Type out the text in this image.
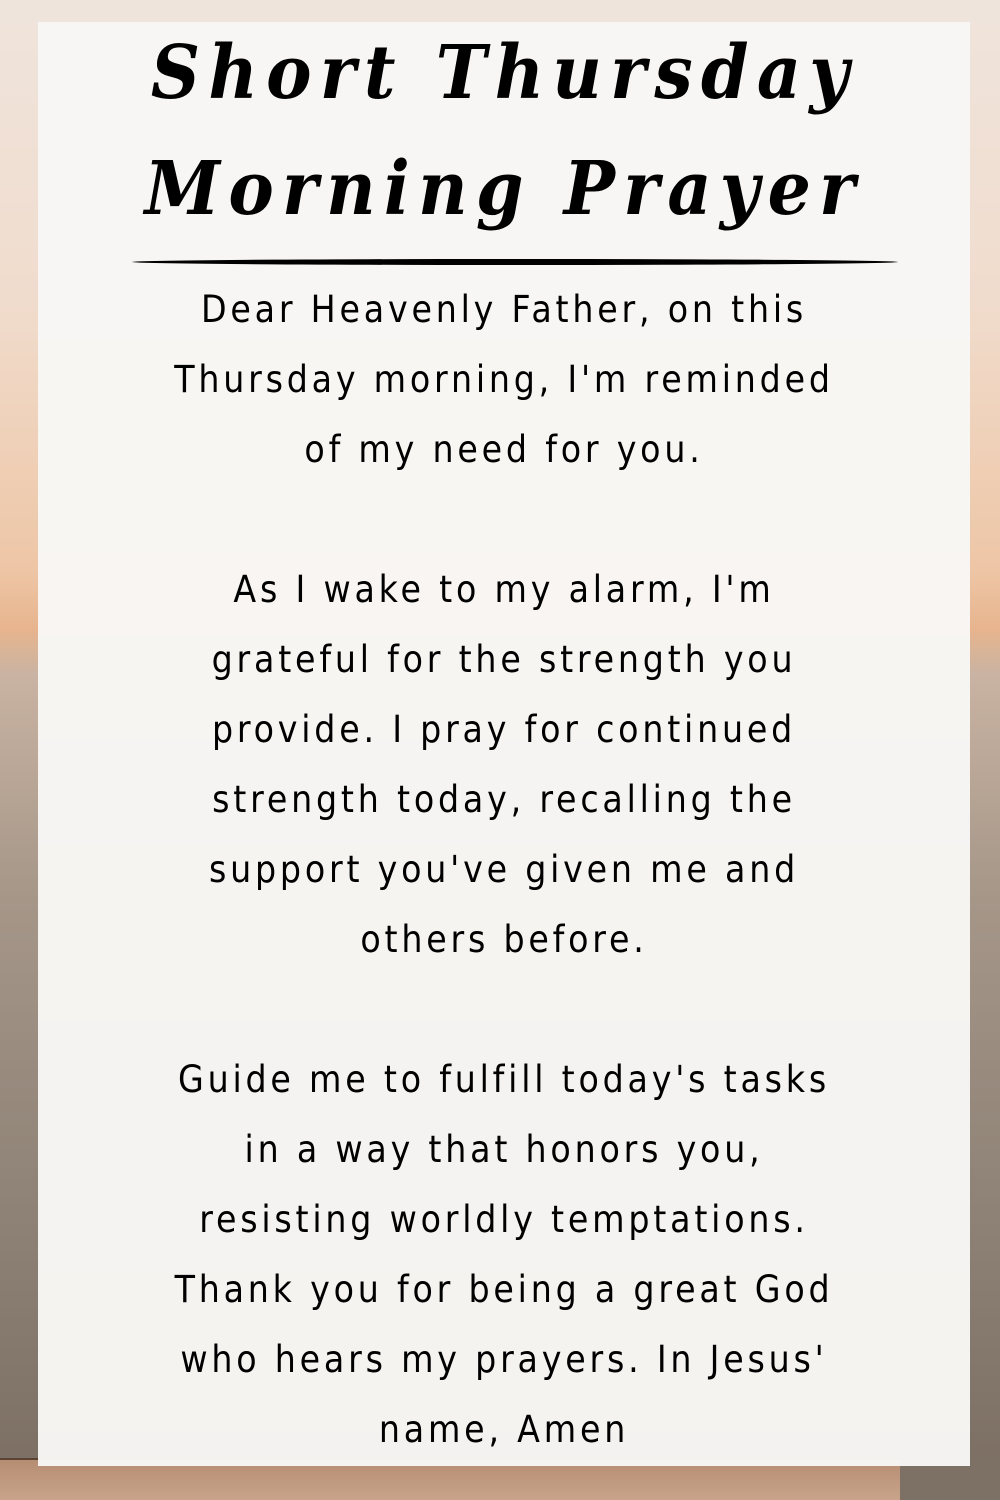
Short Thursday
Morning Prayer
Dear Heavenly Father, on this
Thursday morning, I'm reminded
of my need for you.
As I wake to my alarm, I'm
grateful for the strength you
provide. I pray for continued
strength today, recalling the
support you've given me and
others before.
Guide me to fulfill today's tasks
in a way that honors you,
resisting worldly temptations.
Thank you for being a great God
who hears my prayers. In Jesus'
name, Amen
